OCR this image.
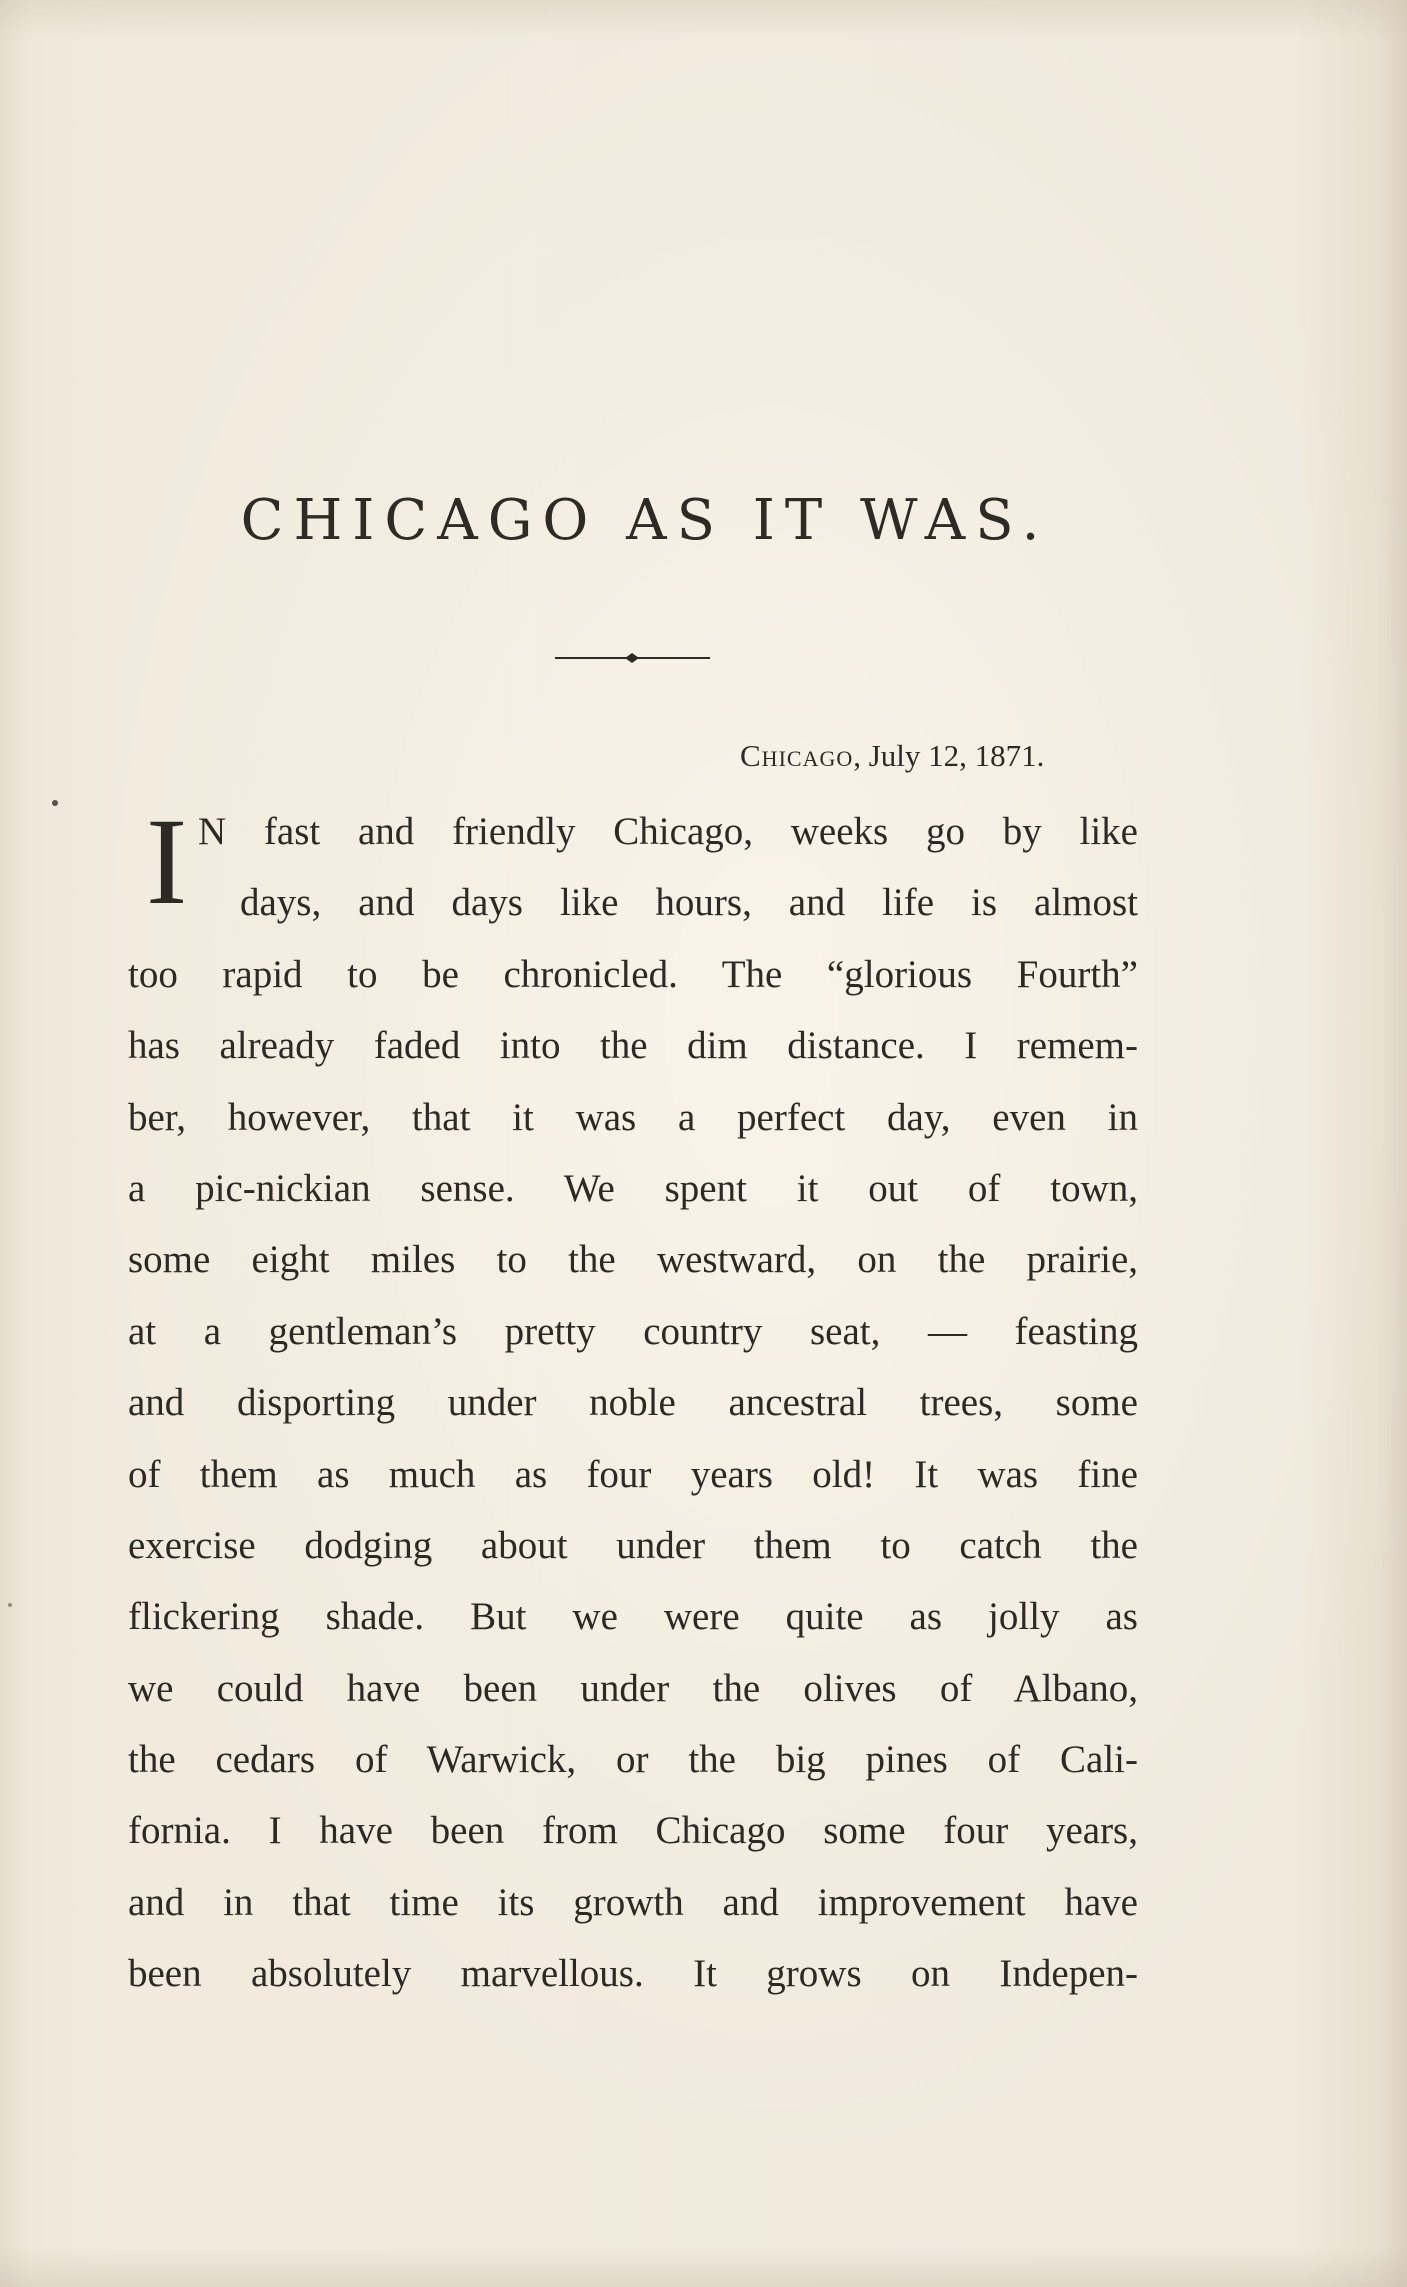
CHICAGO AS IT WAS.
Chicago, July 12, 1871.
I N fast and friendly Chicago, weeks go by like
days, and days like hours, and life is almost
too rapid to be chronicled. The “glorious Fourth”
has already faded into the dim distance. I remem-
ber, however, that it was a perfect day, even in
a pic-nickian sense. We spent it out of town,
some eight miles to the westward, on the prairie,
at a gentleman’s pretty country seat, — feasting
and disporting under noble ancestral trees, some
of them as much as four years old! It was fine
exercise dodging about under them to catch the
flickering shade. But we were quite as jolly as
we could have been under the olives of Albano,
the cedars of Warwick, or the big pines of Cali-
fornia. I have been from Chicago some four years,
and in that time its growth and improvement have
been absolutely marvellous. It grows on Indepen-
